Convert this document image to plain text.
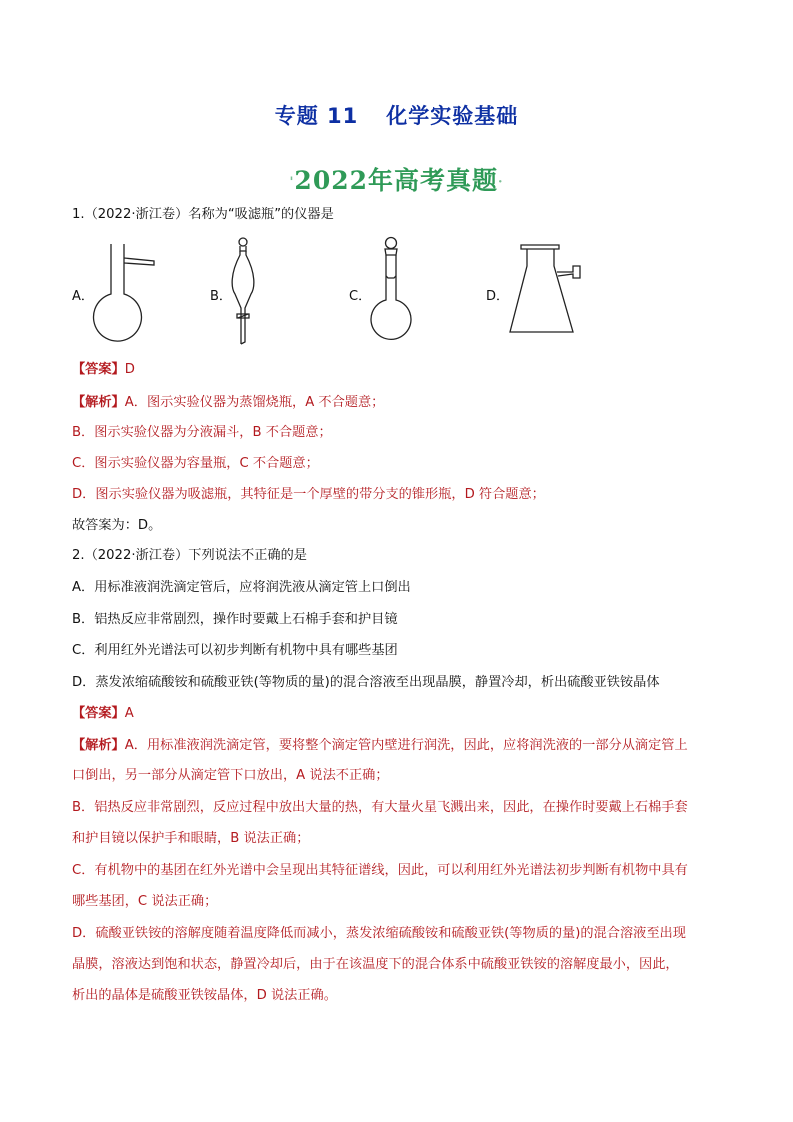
专题 11 化学实验基础
'2022年高考真题·
1.（2022·浙江卷）名称为“吸滤瓶”的仪器是
A．	B．	C．	D．
【答案】D
【解析】A．图示实验仪器为蒸馏烧瓶，A 不合题意；
B．图示实验仪器为分液漏斗，B 不合题意；
C．图示实验仪器为容量瓶，C 不合题意；
D．图示实验仪器为吸滤瓶，其特征是一个厚壁的带分支的锥形瓶，D 符合题意；
故答案为：D。
2.（2022·浙江卷）下列说法不正确的是
A．用标准液润洗滴定管后，应将润洗液从滴定管上口倒出
B．铝热反应非常剧烈，操作时要戴上石棉手套和护目镜
C．利用红外光谱法可以初步判断有机物中具有哪些基团
D．蒸发浓缩硫酸铵和硫酸亚铁(等物质的量)的混合溶液至出现晶膜，静置冷却，析出硫酸亚铁铵晶体
【答案】A
【解析】A．用标准液润洗滴定管，要将整个滴定管内壁进行润洗，因此，应将润洗液的一部分从滴定管上
口倒出，另一部分从滴定管下口放出，A 说法不正确；
B．铝热反应非常剧烈，反应过程中放出大量的热，有大量火星飞溅出来，因此，在操作时要戴上石棉手套
和护目镜以保护手和眼睛，B 说法正确；
C．有机物中的基团在红外光谱中会呈现出其特征谱线，因此，可以利用红外光谱法初步判断有机物中具有
哪些基团，C 说法正确；
D．硫酸亚铁铵的溶解度随着温度降低而减小，蒸发浓缩硫酸铵和硫酸亚铁(等物质的量)的混合溶液至出现
晶膜，溶液达到饱和状态，静置冷却后，由于在该温度下的混合体系中硫酸亚铁铵的溶解度最小，因此，
析出的晶体是硫酸亚铁铵晶体，D 说法正确。
